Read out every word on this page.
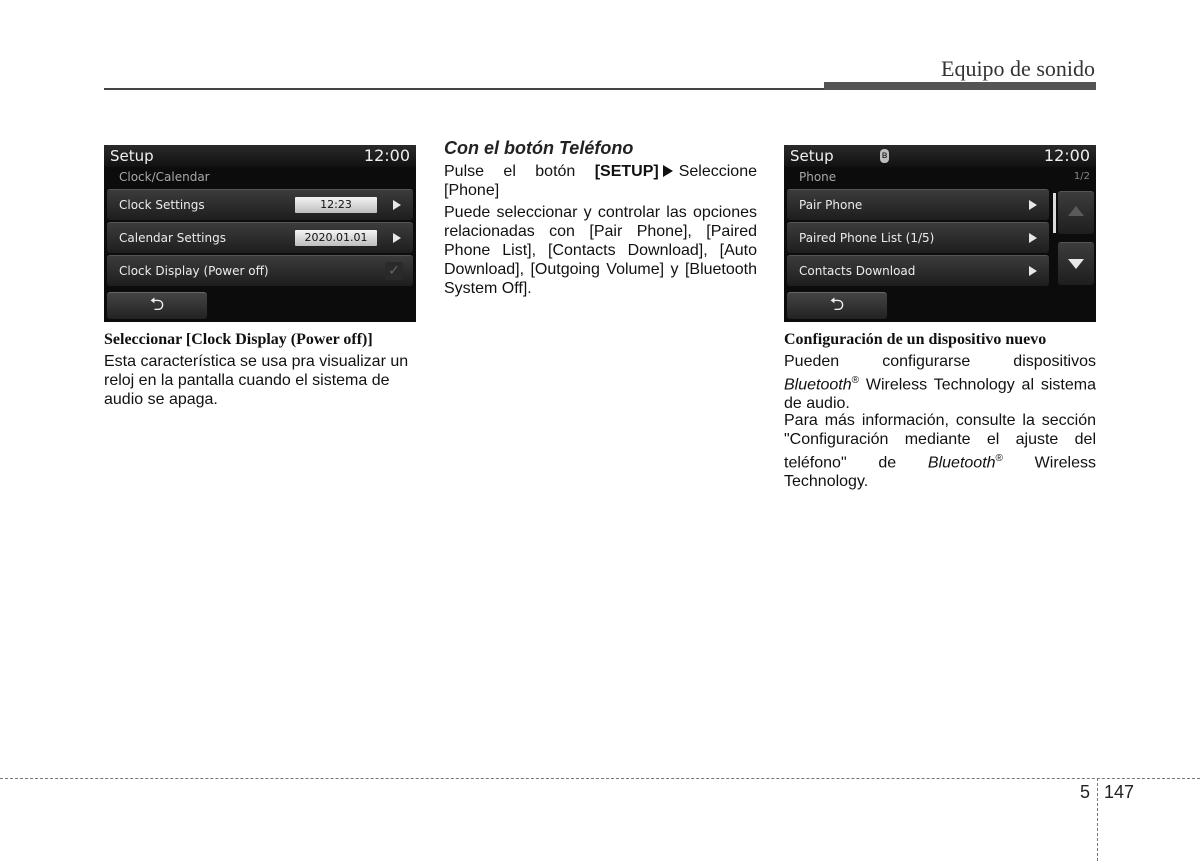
Equipo de sonido
Setup	12:00
Clock/Calendar
Clock Settings	12:23
Calendar Settings	2020.01.01
Clock Display (Power off)	✓
⮌
Seleccionar [Clock Display (Power off)]

Esta característica se usa pra visualizar un reloj en la pantalla cuando el sistema de audio se apaga.

Con el botón Teléfono

Pulse el botón [SETUP] Seleccione [Phone]

Puede seleccionar y controlar las opciones relacionadas con [Pair Phone], [Paired Phone List], [Contacts Download], [Auto Download], [Outgoing Volume] y [Bluetooth System Off].

Setup	ʙ	12:00
Phone	1/2
Pair Phone
Paired Phone List (1/5)
Contacts Download
⮌
Configuración de un dispositivo nuevo

Pueden configurarse dispositivos Bluetooth® Wireless Technology al sistema de audio.

Para más información, consulte la sección "Configuración mediante el ajuste del teléfono" de Bluetooth® Wireless Technology.

5 147
